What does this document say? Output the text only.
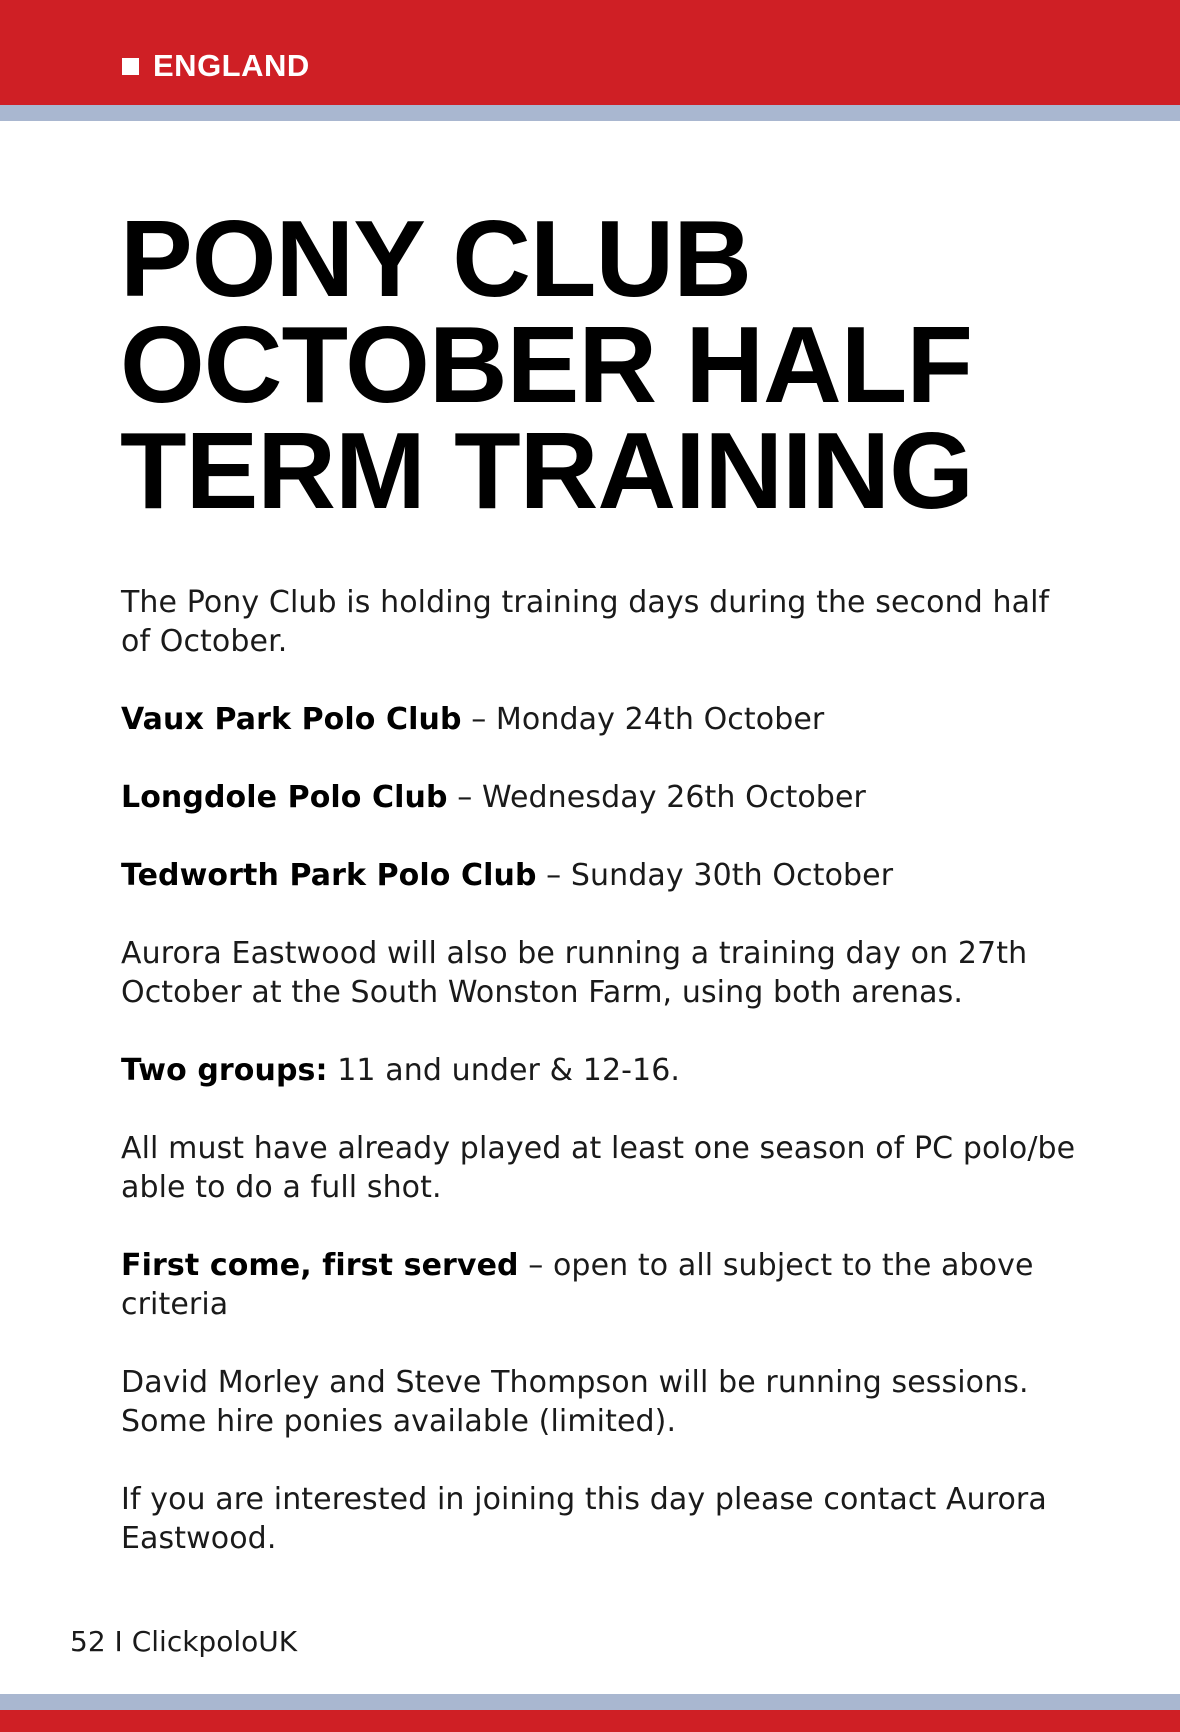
ENGLAND
PONY CLUB
OCTOBER HALF
TERM TRAINING

The Pony Club is holding training days during the second half of October.

Vaux Park Polo Club – Monday 24th October

Longdole Polo Club – Wednesday 26th October

Tedworth Park Polo Club – Sunday 30th October

Aurora Eastwood will also be running a training day on 27th October at the South Wonston Farm, using both arenas.

Two groups: 11 and under & 12-16.

All must have already played at least one season of PC polo/be able to do a full shot.

First come, first served – open to all subject to the above criteria

David Morley and Steve Thompson will be running sessions. Some hire ponies available (limited).

If you are interested in joining this day please contact Aurora Eastwood.

52 I ClickpoloUK
